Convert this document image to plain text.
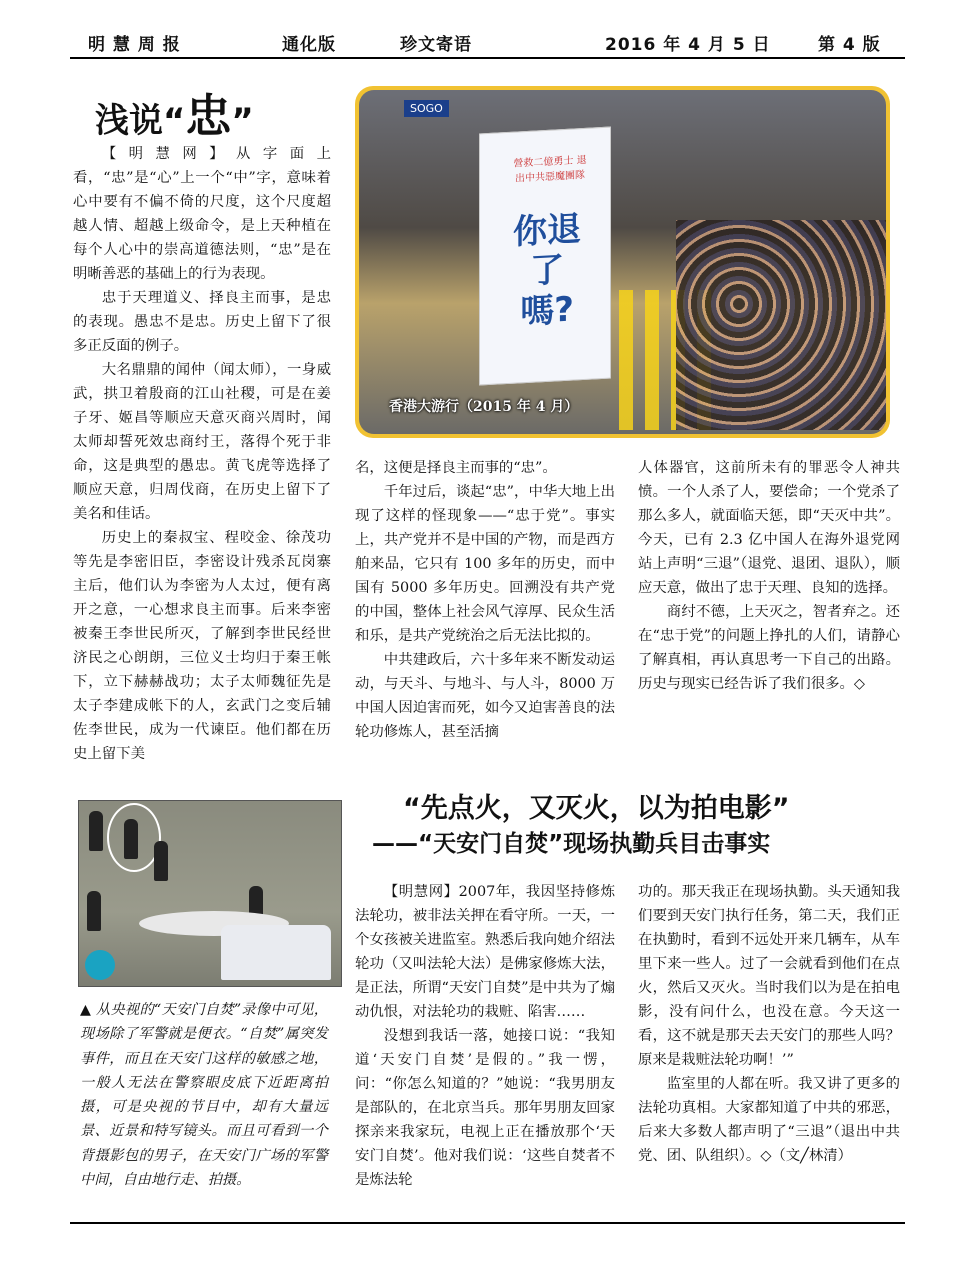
明 慧 周 报	通化版	珍文寄语	2016 年 4 月 5 日	第 4 版
浅说“忠”	SOGO
營救二億勇士 退出中共惡魔團隊
你退了嗎?
香港大游行（2015 年 4 月）

【明慧网】从字面上看，“忠”是“心”上一个“中”字，意味着心中要有不偏不倚的尺度，这个尺度超越人情、超越上级命令，是上天种植在每个人心中的崇高道德法则，“忠”是在明晰善恶的基础上的行为表现。

忠于天理道义、择良主而事，是忠的表现。愚忠不是忠。历史上留下了很多正反面的例子。

大名鼎鼎的闻仲（闻太师），一身威武，拱卫着殷商的江山社稷，可是在姜子牙、姬昌等顺应天意灭商兴周时，闻太师却誓死效忠商纣王，落得个死于非命，这是典型的愚忠。黄飞虎等选择了顺应天意，归周伐商，在历史上留下了美名和佳话。

历史上的秦叔宝、程咬金、徐茂功等先是李密旧臣，李密设计残杀瓦岗寨主后，他们认为李密为人太过，便有离开之意，一心想求良主而事。后来李密被秦王李世民所灭，了解到李世民经世济民之心朗朗，三位义士均归于秦王帐下，立下赫赫战功；太子太师魏征先是太子李建成帐下的人，玄武门之变后辅佐李世民，成为一代谏臣。他们都在历史上留下美

名，这便是择良主而事的“忠”。

千年过后，谈起“忠”，中华大地上出现了这样的怪现象——“忠于党”。事实上，共产党并不是中国的产物，而是西方舶来品，它只有 100 多年的历史，而中国有 5000 多年历史。回溯没有共产党的中国，整体上社会风气淳厚、民众生活和乐，是共产党统治之后无法比拟的。

中共建政后，六十多年来不断发动运动，与天斗、与地斗、与人斗，8000 万中国人因迫害而死，如今又迫害善良的法轮功修炼人，甚至活摘

人体器官，这前所未有的罪恶令人神共愤。一个人杀了人，要偿命；一个党杀了那么多人，就面临天惩，即“天灭中共”。今天，已有 2.3 亿中国人在海外退党网站上声明“三退”（退党、退团、退队），顺应天意，做出了忠于天理、良知的选择。

商纣不德，上天灭之，智者弃之。还在“忠于党”的问题上挣扎的人们，请静心了解真相，再认真思考一下自己的出路。历史与现实已经告诉了我们很多。◇

“先点火，又灭火，以为拍电影”
——“天安门自焚”现场执勤兵目击事实
▲ 从央视的“天安门自焚”录像中可见，现场除了军警就是便衣。“自焚”属突发事件，而且在天安门这样的敏感之地，一般人无法在警察眼皮底下近距离拍摄，可是央视的节目中，却有大量远景、近景和特写镜头。而且可看到一个背摄影包的男子，在天安门广场的军警中间，自由地行走、拍摄。

【明慧网】2007年，我因坚持修炼法轮功，被非法关押在看守所。一天，一个女孩被关进监室。熟悉后我向她介绍法轮功（又叫法轮大法）是佛家修炼大法，是正法，所谓“天安门自焚”是中共为了煽动仇恨，对法轮功的栽赃、陷害……

没想到我话一落，她接口说：“我知道‘天安门自焚’是假的。”我一愣，问：“你怎么知道的？”她说：“我男朋友是部队的，在北京当兵。那年男朋友回家探亲来我家玩，电视上正在播放那个‘天安门自焚’。他对我们说：‘这些自焚者不是炼法轮

功的。那天我正在现场执勤。头天通知我们要到天安门执行任务，第二天，我们正在执勤时，看到不远处开来几辆车，从车里下来一些人。过了一会就看到他们在点火，然后又灭火。当时我们以为是在拍电影，没有问什么，也没在意。今天这一看，这不就是那天去天安门的那些人吗？原来是栽赃法轮功啊！’”

监室里的人都在听。我又讲了更多的法轮功真相。大家都知道了中共的邪恶，后来大多数人都声明了“三退”（退出中共党、团、队组织）。◇（文╱林清）
